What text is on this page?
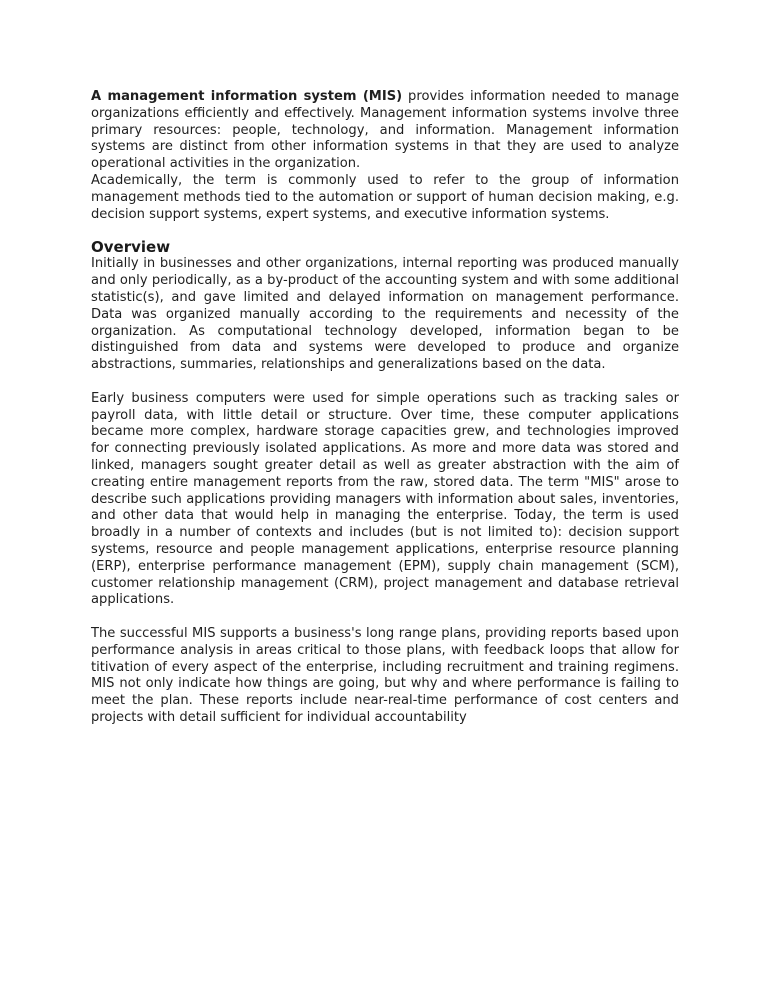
A management information system (MIS) provides information needed to manage organizations efficiently and effectively. Management information systems involve three primary resources: people, technology, and information. Management information systems are distinct from other information systems in that they are used to analyze operational activities in the organization.

Academically, the term is commonly used to refer to the group of information management methods tied to the automation or support of human decision making, e.g. decision support systems, expert systems, and executive information systems.

Overview

Initially in businesses and other organizations, internal reporting was produced manually and only periodically, as a by-product of the accounting system and with some additional statistic(s), and gave limited and delayed information on management performance. Data was organized manually according to the requirements and necessity of the organization. As computational technology developed, information began to be distinguished from data and systems were developed to produce and organize abstractions, summaries, relationships and generalizations based on the data.

Early business computers were used for simple operations such as tracking sales or payroll data, with little detail or structure. Over time, these computer applications became more complex, hardware storage capacities grew, and technologies improved for connecting previously isolated applications. As more and more data was stored and linked, managers sought greater detail as well as greater abstraction with the aim of creating entire management reports from the raw, stored data. The term "MIS" arose to describe such applications providing managers with information about sales, inventories, and other data that would help in managing the enterprise. Today, the term is used broadly in a number of contexts and includes (but is not limited to): decision support systems, resource and people management applications, enterprise resource planning (ERP), enterprise performance management (EPM), supply chain management (SCM), customer relationship management (CRM), project management and database retrieval applications.

The successful MIS supports a business's long range plans, providing reports based upon performance analysis in areas critical to those plans, with feedback loops that allow for titivation of every aspect of the enterprise, including recruitment and training regimens. MIS not only indicate how things are going, but why and where performance is failing to meet the plan. These reports include near-real-time performance of cost centers and projects with detail sufficient for individual accountability
